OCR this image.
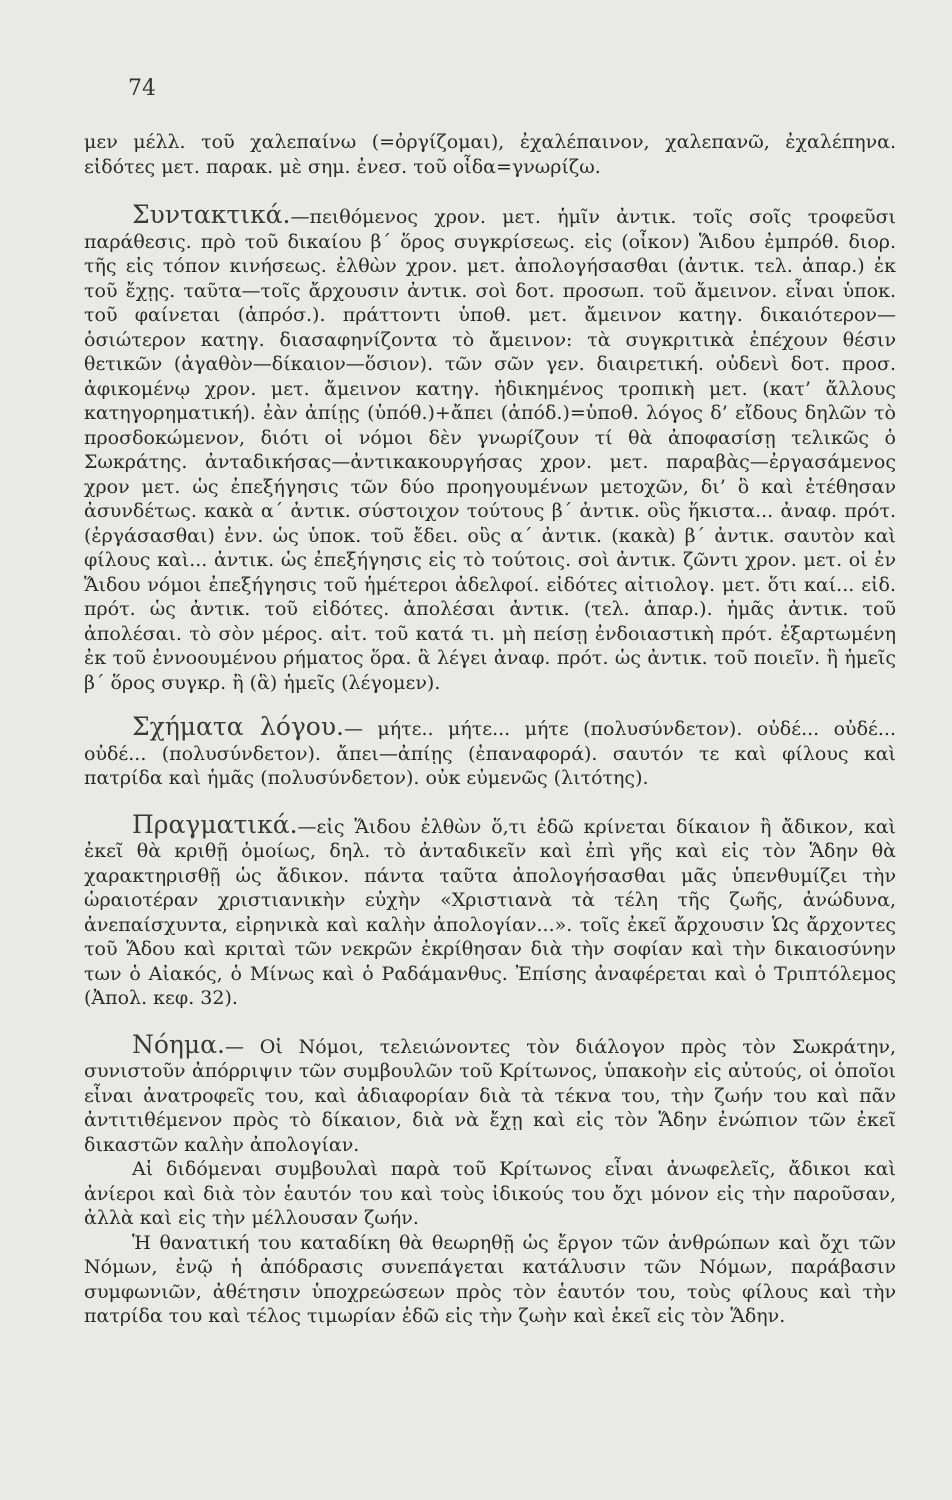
74

μεν μέλλ. τοῦ χαλεπαίνω (=ὀργίζομαι), ἐχαλέπαινον, χαλεπανῶ, ἐχαλέπηνα. εἰδότες μετ. παρακ. μὲ σημ. ἐνεσ. τοῦ οἶδα=γνωρίζω.

Συντακτικά.—πειθόμενος χρον. μετ. ἡμῖν ἀντικ. τοῖς σοῖς τροφεῦσι παράθεσις. πρὸ τοῦ δικαίου β΄ ὅρος συγκρίσεως. εἰς (οἶκον) Ἅιδου ἐμπρόθ. διορ. τῆς εἰς τόπον κινήσεως. ἐλθὼν χρον. μετ. ἀπολογήσασθαι (ἀντικ. τελ. ἀπαρ.) ἐκ τοῦ ἔχῃς. ταῦτα—τοῖς ἄρχουσιν ἀντικ. σοὶ δοτ. προσωπ. τοῦ ἄμεινον. εἶναι ὑποκ. τοῦ φαίνεται (ἀπρόσ.). πράττοντι ὑποθ. μετ. ἄμεινον κατηγ. δικαιότερον—ὁσιώτερον κατηγ. διασαφηνίζοντα τὸ ἄμεινον: τὰ συγκριτικὰ ἐπέχουν θέσιν θετικῶν (ἀγαθὸν—δίκαιον—ὅσιον). τῶν σῶν γεν. διαιρετική. οὐδενὶ δοτ. προσ. ἀφικομένῳ χρον. μετ. ἄμεινον κατηγ. ἠδικημένος τροπικὴ μετ. (κατ’ ἄλλους κατηγορηματική). ἐὰν ἀπίῃς (ὑπόθ.)+ἄπει (ἀπόδ.)=ὑποθ. λόγος δ’ εἴδους δηλῶν τὸ προσδοκώμενον, διότι οἱ νόμοι δὲν γνωρίζουν τί θὰ ἀποφασίσῃ τελικῶς ὁ Σωκράτης. ἀνταδικήσας—ἀντικακουργήσας χρον. μετ. παραβὰς—ἐργασάμενος χρον μετ. ὡς ἐπεξήγησις τῶν δύο προηγουμένων μετοχῶν, δι’ ὃ καὶ ἐτέθησαν ἀσυνδέτως. κακὰ α΄ ἀντικ. σύστοιχον τούτους β΄ ἀντικ. οὓς ἥκιστα... ἀναφ. πρότ. (ἐργάσασθαι) ἐνν. ὡς ὑποκ. τοῦ ἔδει. οὓς α΄ ἀντικ. (κακὰ) β΄ ἀντικ. σαυτὸν καὶ φίλους καὶ... ἀντικ. ὡς ἐπεξήγησις εἰς τὸ τούτοις. σοὶ ἀντικ. ζῶντι χρον. μετ. οἱ ἐν Ἅιδου νόμοι ἐπεξήγησις τοῦ ἡμέτεροι ἀδελφοί. εἰδότες αἰτιολογ. μετ. ὅτι καί... εἰδ. πρότ. ὡς ἀντικ. τοῦ εἰδότες. ἀπολέσαι ἀντικ. (τελ. ἀπαρ.). ἡμᾶς ἀντικ. τοῦ ἀπολέσαι. τὸ σὸν μέρος. αἰτ. τοῦ κατά τι. μὴ πείσῃ ἐνδοιαστικὴ πρότ. ἐξαρτωμένη ἐκ τοῦ ἐννοουμένου ρήματος ὅρα. ἃ λέγει ἀναφ. πρότ. ὡς ἀντικ. τοῦ ποιεῖν. ἢ ἡμεῖς β΄ ὅρος συγκρ. ἢ (ἃ) ἡμεῖς (λέγομεν).

Σχήματα λόγου.— μήτε.. μήτε... μήτε (πολυσύνδετον). οὐδέ... οὐδέ... οὐδέ... (πολυσύνδετον). ἄπει—ἀπίῃς (ἐπαναφορά). σαυτόν τε καὶ φίλους καὶ πατρίδα καὶ ἡμᾶς (πολυσύνδετον). οὐκ εὐμενῶς (λιτότης).

Πραγματικά.—εἰς Ἅιδου ἐλθὼν ὅ,τι ἐδῶ κρίνεται δίκαιον ἢ ἄδικον, καὶ ἐκεῖ θὰ κριθῇ ὁμοίως, δηλ. τὸ ἀνταδικεῖν καὶ ἐπὶ γῆς καὶ εἰς τὸν Ἅδην θὰ χαρακτηρισθῇ ὡς ἄδικον. πάντα ταῦτα ἀπολογήσασθαι μᾶς ὑπενθυμίζει τὴν ὡραιοτέραν χριστιανικὴν εὐχὴν «Χριστιανὰ τὰ τέλη τῆς ζωῆς, ἀνώδυνα, ἀνεπαίσχυντα, εἰρηνικὰ καὶ καλὴν ἀπολογίαν...». τοῖς ἐκεῖ ἄρχουσιν Ὡς ἄρχοντες τοῦ Ἅδου καὶ κριταὶ τῶν νεκρῶν ἐκρίθησαν διὰ τὴν σοφίαν καὶ τὴν δικαιοσύνην των ὁ Αἰακός, ὁ Μίνως καὶ ὁ Ραδάμανθυς. Ἐπίσης ἀναφέρεται καὶ ὁ Τριπτόλεμος (Ἀπολ. κεφ. 32).

Νόημα.— Οἱ Νόμοι, τελειώνοντες τὸν διάλογον πρὸς τὸν Σωκράτην, συνιστοῦν ἀπόρριψιν τῶν συμβουλῶν τοῦ Κρίτωνος, ὑπακοὴν εἰς αὐτούς, οἱ ὁποῖοι εἶναι ἀνατροφεῖς του, καὶ ἀδιαφορίαν διὰ τὰ τέκνα του, τὴν ζωήν του καὶ πᾶν ἀντιτιθέμενον πρὸς τὸ δίκαιον, διὰ νὰ ἔχῃ καὶ εἰς τὸν Ἅδην ἐνώπιον τῶν ἐκεῖ δικαστῶν καλὴν ἀπολογίαν.

Αἱ διδόμεναι συμβουλαὶ παρὰ τοῦ Κρίτωνος εἶναι ἀνωφελεῖς, ἄδικοι καὶ ἀνίεροι καὶ διὰ τὸν ἑαυτόν του καὶ τοὺς ἰδικούς του ὄχι μόνον εἰς τὴν παροῦσαν, ἀλλὰ καὶ εἰς τὴν μέλλουσαν ζωήν.

Ἡ θανατική του καταδίκη θὰ θεωρηθῇ ὡς ἔργον τῶν ἀνθρώπων καὶ ὄχι τῶν Νόμων, ἐνῷ ἡ ἀπόδρασις συνεπάγεται κατάλυσιν τῶν Νόμων, παράβασιν συμφωνιῶν, ἀθέτησιν ὑποχρεώσεων πρὸς τὸν ἑαυτόν του, τοὺς φίλους καὶ τὴν πατρίδα του καὶ τέλος τιμωρίαν ἐδῶ εἰς τὴν ζωὴν καὶ ἐκεῖ εἰς τὸν Ἅδην.
